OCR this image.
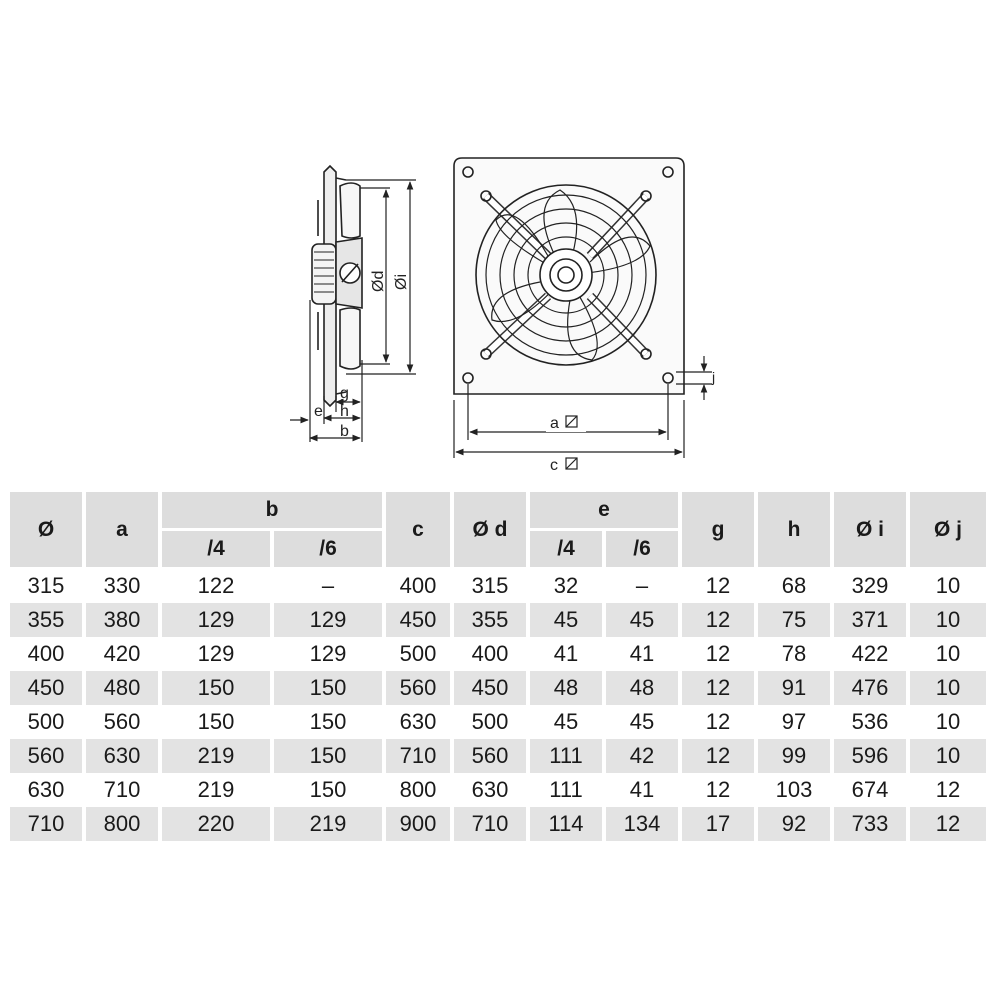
Ød Øi
g
e h
b
j
a
c
Ø	a	b		c	Ø d	e		g	h	Ø i	Ø j
		/4	/6			/4	/6				
315	330	122	–	400	315	32	–	12	68	329	10
355	380	129	129	450	355	45	45	12	75	371	10
400	420	129	129	500	400	41	41	12	78	422	10
450	480	150	150	560	450	48	48	12	91	476	10
500	560	150	150	630	500	45	45	12	97	536	10
560	630	219	150	710	560	111	42	12	99	596	10
630	710	219	150	800	630	111	41	12	103	674	12
710	800	220	219	900	710	114	134	17	92	733	12
